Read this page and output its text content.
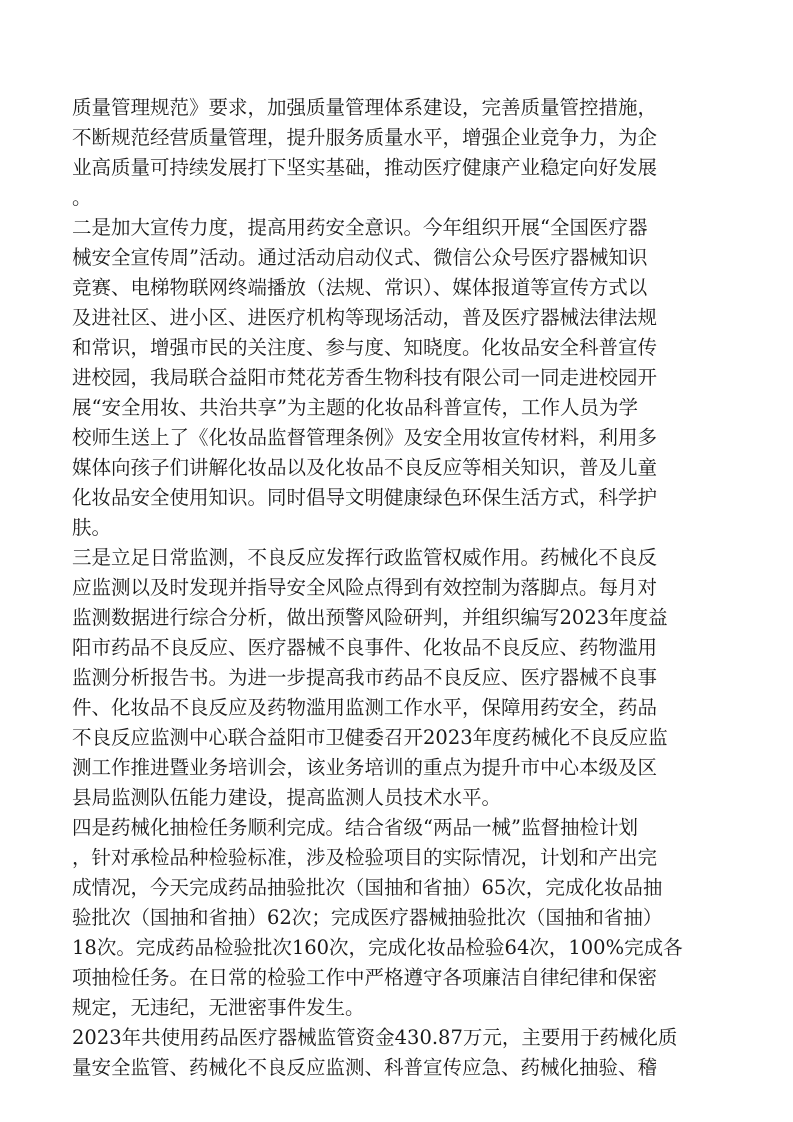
质量管理规范》要求，加强质量管理体系建设，完善质量管控措施，
不断规范经营质量管理，提升服务质量水平，增强企业竞争力，为企
业高质量可持续发展打下坚实基础，推动医疗健康产业稳定向好发展
。
二是加大宣传力度，提高用药安全意识。今年组织开展“全国医疗器
械安全宣传周”活动。通过活动启动仪式、微信公众号医疗器械知识
竞赛、电梯物联网终端播放（法规、常识）、媒体报道等宣传方式以
及进社区、进小区、进医疗机构等现场活动，普及医疗器械法律法规
和常识，增强市民的关注度、参与度、知晓度。化妆品安全科普宣传
进校园，我局联合益阳市梵花芳香生物科技有限公司一同走进校园开
展“安全用妆、共治共享”为主题的化妆品科普宣传，工作人员为学
校师生送上了《化妆品监督管理条例》及安全用妆宣传材料，利用多
媒体向孩子们讲解化妆品以及化妆品不良反应等相关知识，普及儿童
化妆品安全使用知识。同时倡导文明健康绿色环保生活方式，科学护
肤。
三是立足日常监测，不良反应发挥行政监管权威作用。药械化不良反
应监测以及时发现并指导安全风险点得到有效控制为落脚点。每月对
监测数据进行综合分析，做出预警风险研判，并组织编写2023年度益
阳市药品不良反应、医疗器械不良事件、化妆品不良反应、药物滥用
监测分析报告书。为进一步提高我市药品不良反应、医疗器械不良事
件、化妆品不良反应及药物滥用监测工作水平，保障用药安全，药品
不良反应监测中心联合益阳市卫健委召开2023年度药械化不良反应监
测工作推进暨业务培训会，该业务培训的重点为提升市中心本级及区
县局监测队伍能力建设，提高监测人员技术水平。
四是药械化抽检任务顺利完成。结合省级“两品一械”监督抽检计划
，针对承检品种检验标准，涉及检验项目的实际情况，计划和产出完
成情况，今天完成药品抽验批次（国抽和省抽）65次，完成化妆品抽
验批次（国抽和省抽）62次；完成医疗器械抽验批次（国抽和省抽）
18次。完成药品检验批次160次，完成化妆品检验64次，100%完成各
项抽检任务。在日常的检验工作中严格遵守各项廉洁自律纪律和保密
规定，无违纪，无泄密事件发生。
2023年共使用药品医疗器械监管资金430.87万元，主要用于药械化质
量安全监管、药械化不良反应监测、科普宣传应急、药械化抽验、稽
